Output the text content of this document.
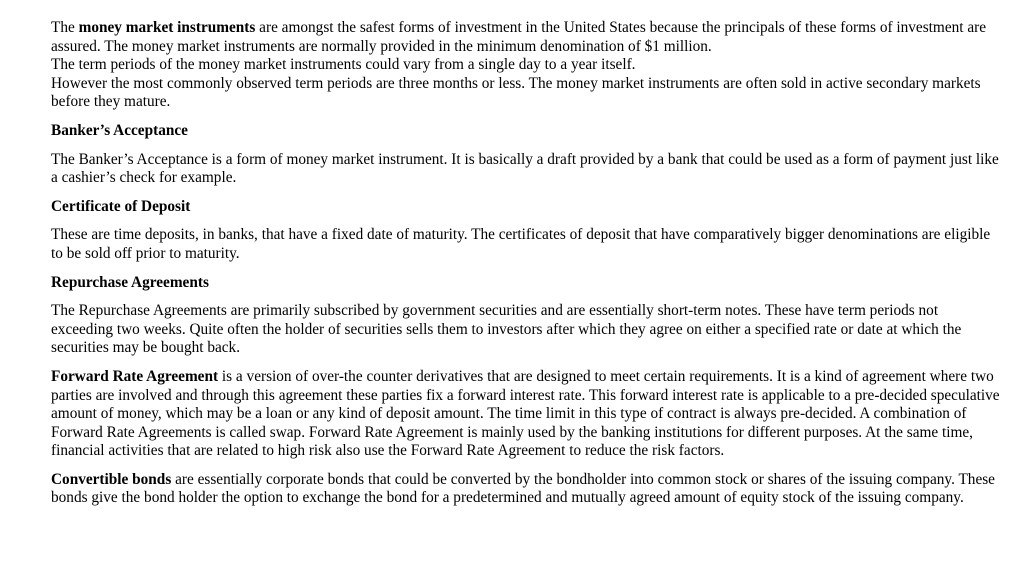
The money market instruments are amongst the safest forms of investment in the United States because the principals of these forms of investment are assured. The money market instruments are normally provided in the minimum denomination of $1 million.

The term periods of the money market instruments could vary from a single day to a year itself.

However the most commonly observed term periods are three months or less. The money market instruments are often sold in active secondary markets before they mature.

Banker’s Acceptance

The Banker’s Acceptance is a form of money market instrument. It is basically a draft provided by a bank that could be used as a form of payment just like a cashier’s check for example.

Certificate of Deposit

These are time deposits, in banks, that have a fixed date of maturity. The certificates of deposit that have comparatively bigger denominations are eligible to be sold off prior to maturity.

Repurchase Agreements

The Repurchase Agreements are primarily subscribed by government securities and are essentially short-term notes. These have term periods not exceeding two weeks. Quite often the holder of securities sells them to investors after which they agree on either a specified rate or date at which the securities may be bought back.

Forward Rate Agreement is a version of over-the counter derivatives that are designed to meet certain requirements. It is a kind of agreement where two parties are involved and through this agreement these parties fix a forward interest rate. This forward interest rate is applicable to a pre-decided speculative amount of money, which may be a loan or any kind of deposit amount. The time limit in this type of contract is always pre-decided. A combination of Forward Rate Agreements is called swap. Forward Rate Agreement is mainly used by the banking institutions for different purposes. At the same time, financial activities that are related to high risk also use the Forward Rate Agreement to reduce the risk factors.

Convertible bonds are essentially corporate bonds that could be converted by the bondholder into common stock or shares of the issuing company. These bonds give the bond holder the option to exchange the bond for a predetermined and mutually agreed amount of equity stock of the issuing company.
